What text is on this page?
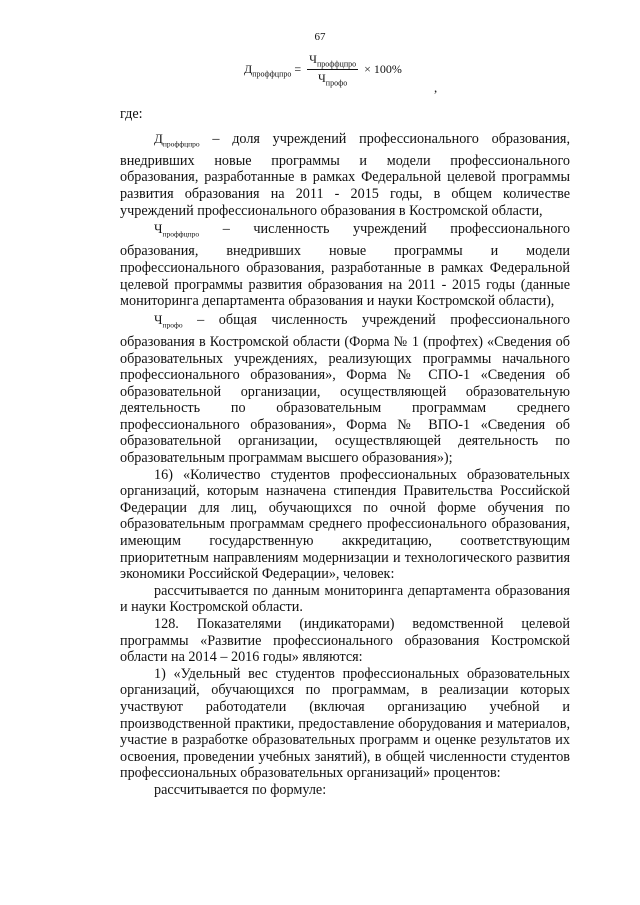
67
$Д_{проффцпро} = \frac{Ч_{проффцпро}}{Ч_{профо}} \times 100\%$
,

где:

$Д_{проффцпро}$ – доля учреждений профессионального образования, внедривших новые программы и модели профессионального образования, разработанные в рамках Федеральной целевой программы развития образования на 2011 - 2015 годы, в общем количестве учреждений профессионального образования в Костромской области,

$Ч_{проффцпро}$ – численность учреждений профессионального образования, внедривших новые программы и модели профессионального образования, разработанные в рамках Федеральной целевой программы развития образования на 2011 - 2015 годы (данные мониторинга департамента образования и науки Костромской области),

$Ч_{профо}$ – общая численность учреждений профессионального образования в Костромской области (Форма № 1 (профтех) «Сведения об образовательных учреждениях, реализующих программы начального профессионального образования», Форма № СПО-1 «Сведения об образовательной организации, осуществляющей образовательную деятельность по образовательным программам среднего профессионального образования», Форма № ВПО-1 «Сведения об образовательной организации, осуществляющей деятельность по образовательным программам высшего образования»);

16) «Количество студентов профессиональных образовательных организаций, которым назначена стипендия Правительства Российской Федерации для лиц, обучающихся по очной форме обучения по образовательным программам среднего профессионального образования, имеющим государственную аккредитацию, соответствующим приоритетным направлениям модернизации и технологического развития экономики Российской Федерации», человек:

рассчитывается по данным мониторинга департамента образования и науки Костромской области.

128. Показателями (индикаторами) ведомственной целевой программы «Развитие профессионального образования Костромской области на 2014 – 2016 годы» являются:

1) «Удельный вес студентов профессиональных образовательных организаций, обучающихся по программам, в реализации которых участвуют работодатели (включая организацию учебной и производственной практики, предоставление оборудования и материалов, участие в разработке образовательных программ и оценке результатов их освоения, проведении учебных занятий), в общей численности студентов профессиональных образовательных организаций» процентов:

рассчитывается по формуле:
